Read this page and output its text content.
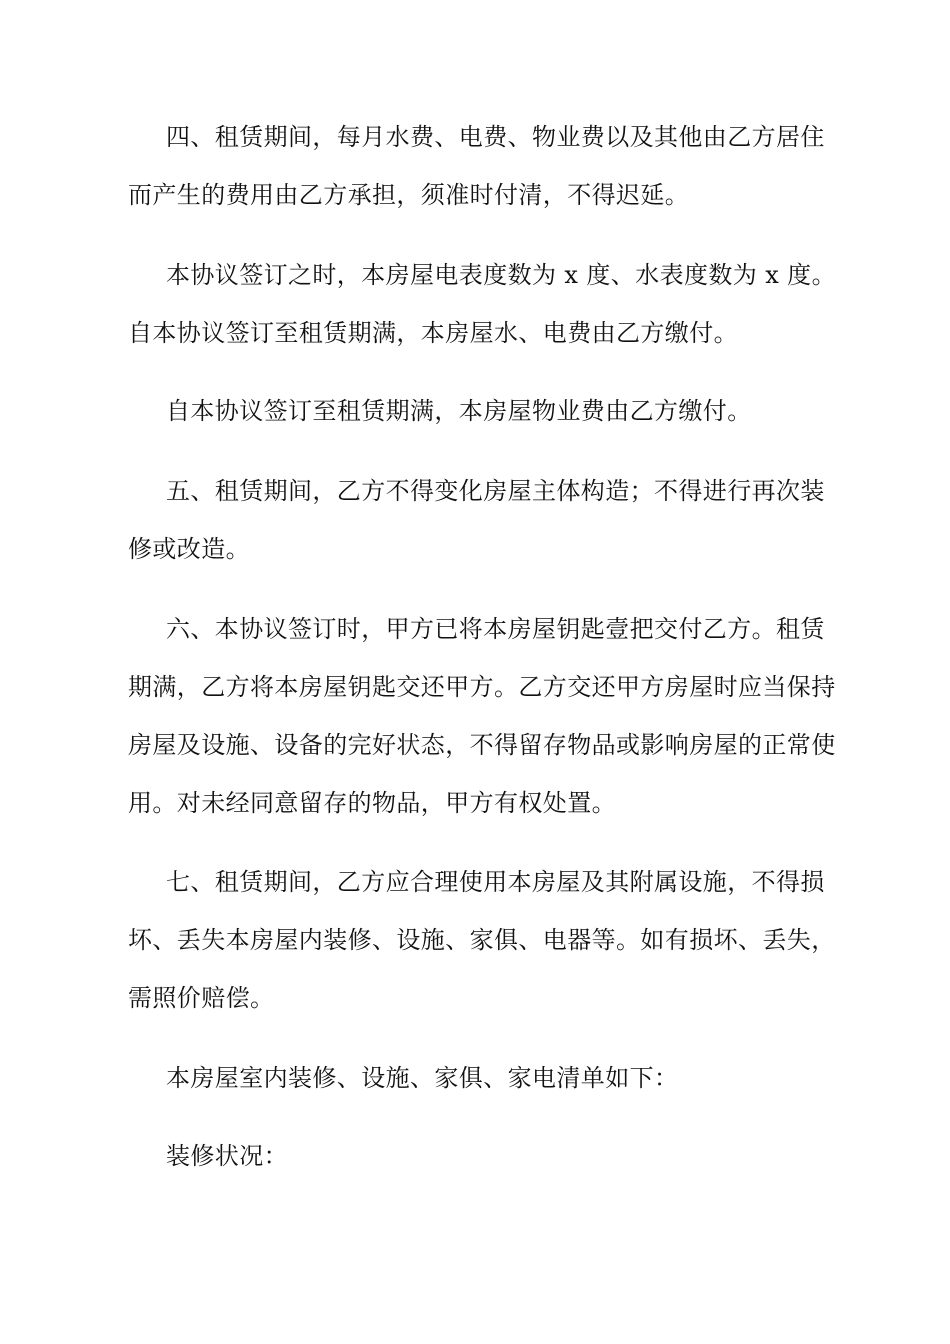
四、租赁期间，每月水费、电费、物业费以及其他由乙方居住
而产生的费用由乙方承担，须准时付清，不得迟延。
本协议签订之时，本房屋电表度数为 x 度、水表度数为 x 度。
自本协议签订至租赁期满，本房屋水、电费由乙方缴付。
自本协议签订至租赁期满，本房屋物业费由乙方缴付。
五、租赁期间，乙方不得变化房屋主体构造；不得进行再次装
修或改造。
六、本协议签订时，甲方已将本房屋钥匙壹把交付乙方。租赁
期满，乙方将本房屋钥匙交还甲方。乙方交还甲方房屋时应当保持
房屋及设施、设备的完好状态，不得留存物品或影响房屋的正常使
用。对未经同意留存的物品，甲方有权处置。
七、租赁期间，乙方应合理使用本房屋及其附属设施，不得损
坏、丢失本房屋内装修、设施、家俱、电器等。如有损坏、丢失，
需照价赔偿。
本房屋室内装修、设施、家俱、家电清单如下：
装修状况：
